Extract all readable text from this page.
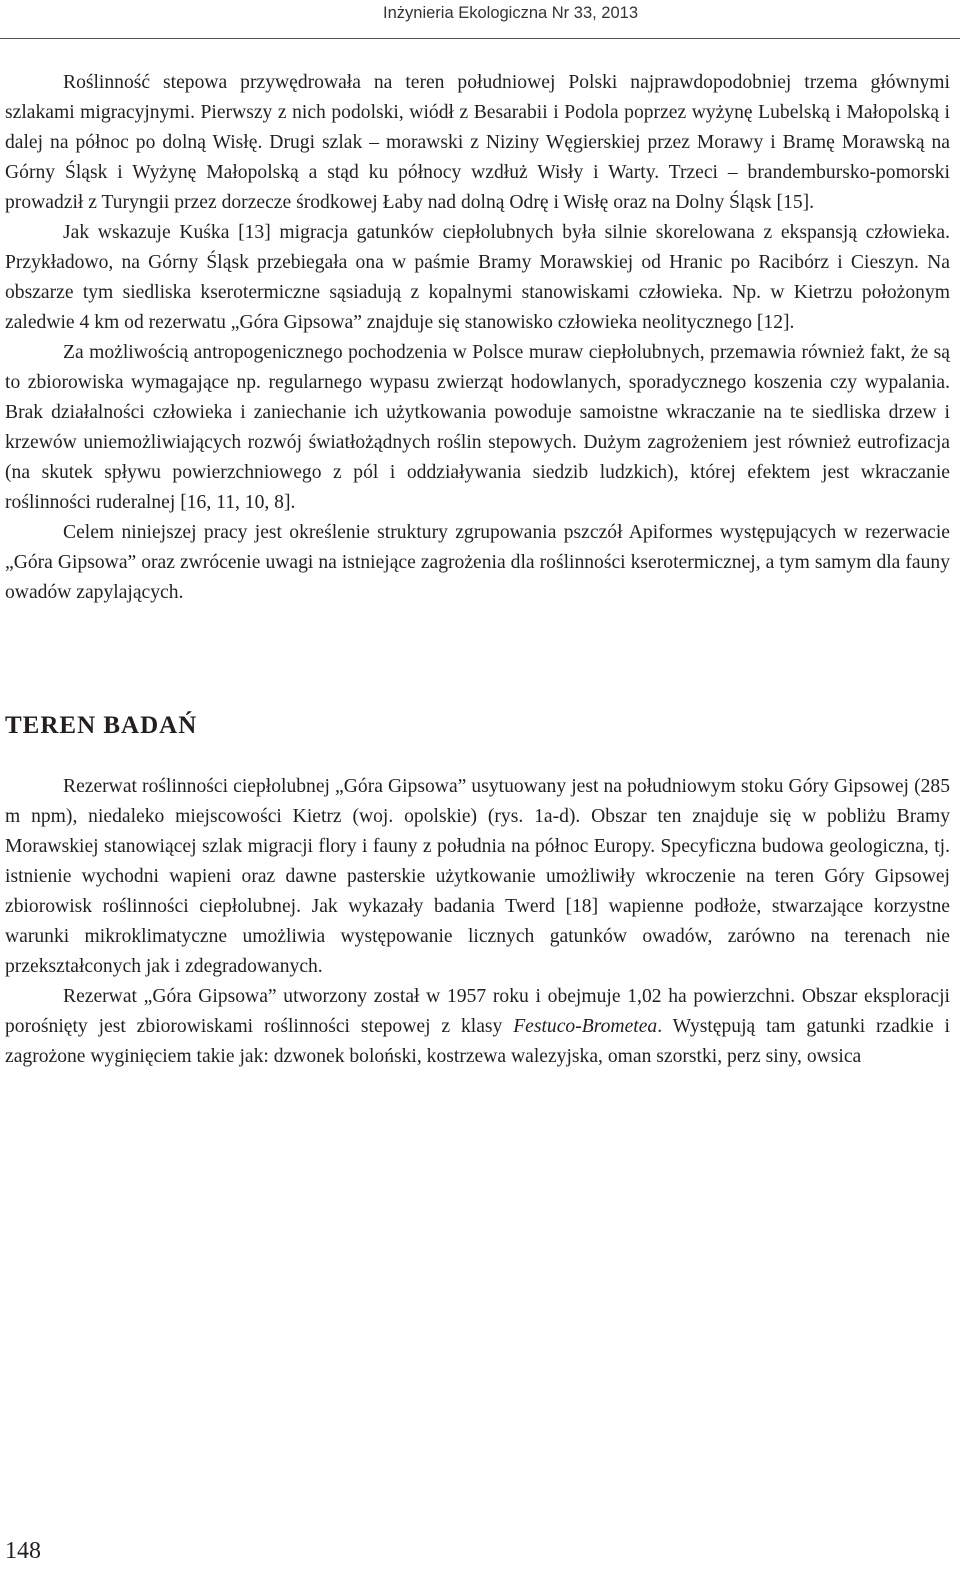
Inżynieria Ekologiczna Nr 33, 2013

Roślinność stepowa przywędrowała na teren południowej Polski najprawdopodobniej trzema głównymi szlakami migracyjnymi. Pierwszy z nich podolski, wiódł z Besarabii i Podola poprzez wyżynę Lubelską i Małopolską i dalej na północ po dolną Wisłę. Drugi szlak – morawski z Niziny Węgierskiej przez Morawy i Bramę Morawską na Górny Śląsk i Wyżynę Małopolską a stąd ku północy wzdłuż Wisły i Warty. Trzeci – brandembursko-pomorski prowadził z Turyngii przez dorzecze środkowej Łaby nad dolną Odrę i Wisłę oraz na Dolny Śląsk [15].

Jak wskazuje Kuśka [13] migracja gatunków ciepłolubnych była silnie skorelowana z ekspansją człowieka. Przykładowo, na Górny Śląsk przebiegała ona w paśmie Bramy Morawskiej od Hranic po Racibórz i Cieszyn. Na obszarze tym siedliska kserotermiczne sąsiadują z kopalnymi stanowiskami człowieka. Np. w Kietrzu położonym zaledwie 4 km od rezerwatu „Góra Gipsowa” znajduje się stanowisko człowieka neolitycznego [12].

Za możliwością antropogenicznego pochodzenia w Polsce muraw ciepłolubnych, przemawia również fakt, że są to zbiorowiska wymagające np. regularnego wypasu zwierząt hodowlanych, sporadycznego koszenia czy wypalania. Brak działalności człowieka i zaniechanie ich użytkowania powoduje samoistne wkraczanie na te siedliska drzew i krzewów uniemożliwiających rozwój światłożądnych roślin stepowych. Dużym zagrożeniem jest również eutrofizacja (na skutek spływu powierzchniowego z pól i oddziaływania siedzib ludzkich), której efektem jest wkraczanie roślinności ruderalnej [16, 11, 10, 8].

Celem niniejszej pracy jest określenie struktury zgrupowania pszczół Apiformes występujących w rezerwacie „Góra Gipsowa” oraz zwrócenie uwagi na istniejące zagrożenia dla roślinności kserotermicznej, a tym samym dla fauny owadów zapylających.

TEREN BADAŃ

Rezerwat roślinności ciepłolubnej „Góra Gipsowa” usytuowany jest na południowym stoku Góry Gipsowej (285 m npm), niedaleko miejscowości Kietrz (woj. opolskie) (rys. 1a-d). Obszar ten znajduje się w pobliżu Bramy Morawskiej stanowiącej szlak migracji flory i fauny z południa na północ Europy. Specyficzna budowa geologiczna, tj. istnienie wychodni wapieni oraz dawne pasterskie użytkowanie umożliwiły wkroczenie na teren Góry Gipsowej zbiorowisk roślinności ciepłolubnej. Jak wykazały badania Twerd [18] wapienne podłoże, stwarzające korzystne warunki mikroklimatyczne umożliwia występowanie licznych gatunków owadów, zarówno na terenach nie przekształconych jak i zdegradowanych.

Rezerwat „Góra Gipsowa” utworzony został w 1957 roku i obejmuje 1,02 ha powierzchni. Obszar eksploracji porośnięty jest zbiorowiskami roślinności stepowej z klasy Festuco-Brometea. Występują tam gatunki rzadkie i zagrożone wyginięciem takie jak: dzwonek boloński, kostrzewa walezyjska, oman szorstki, perz siny, owsica

148
